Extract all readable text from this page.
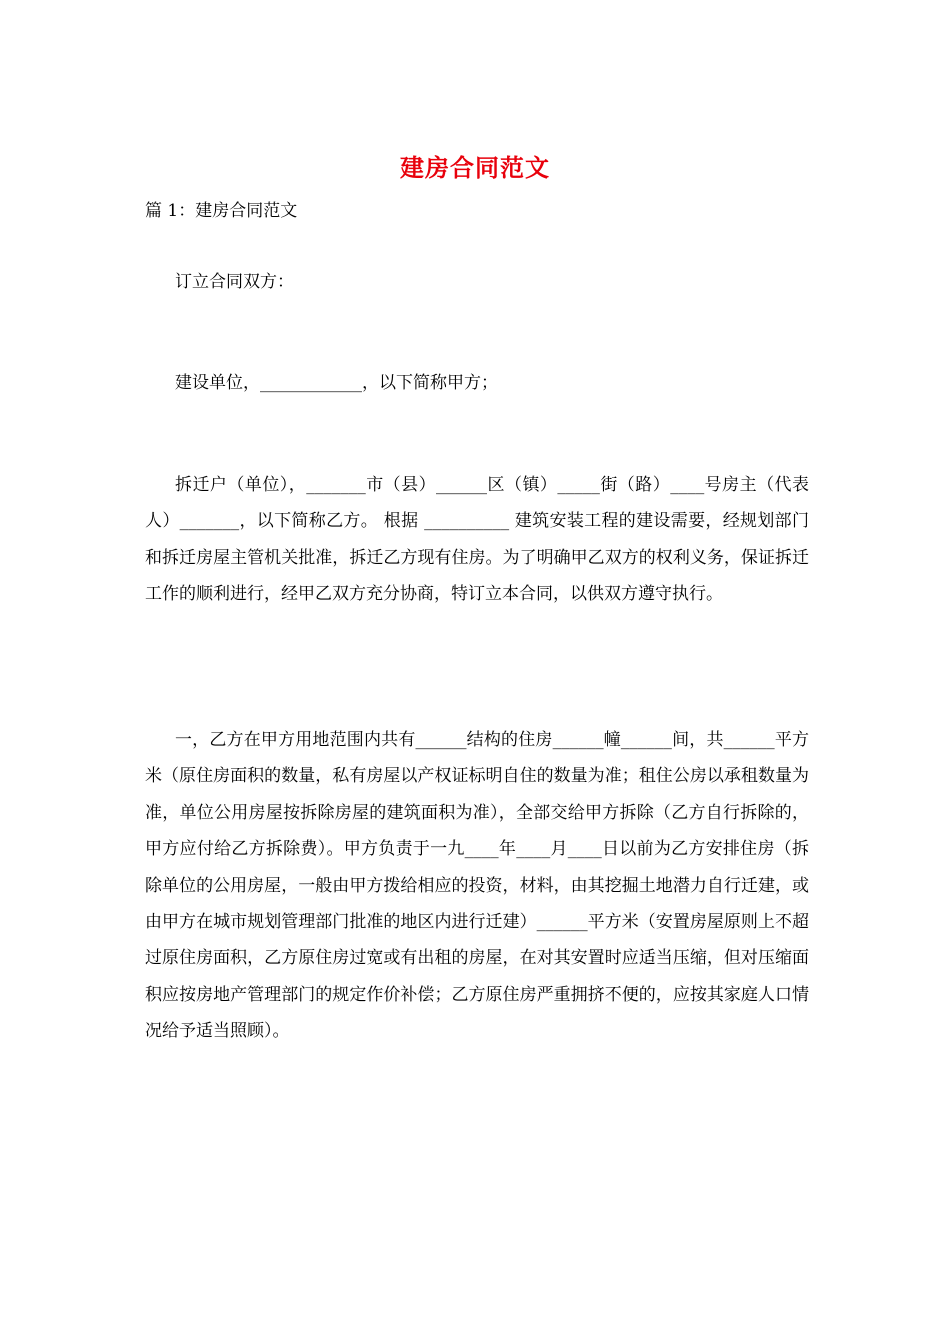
建房合同范文
篇 1：建房合同范文

订立合同双方：

建设单位，____________，以下简称甲方；

拆迁户（单位），_______市（县）______区（镇）_____街（路）____号房主（代表人）_______，以下简称乙方。 根据 __________ 建筑安装工程的建设需要，经规划部门和拆迁房屋主管机关批准，拆迁乙方现有住房。为了明确甲乙双方的权利义务，保证拆迁工作的顺利进行，经甲乙双方充分协商，特订立本合同，以供双方遵守执行。

一，乙方在甲方用地范围内共有______结构的住房______幢______间，共______平方米（原住房面积的数量，私有房屋以产权证标明自住的数量为准；租住公房以承租数量为准，单位公用房屋按拆除房屋的建筑面积为准），全部交给甲方拆除（乙方自行拆除的，甲方应付给乙方拆除费）。甲方负责于一九____年____月____日以前为乙方安排住房（拆除单位的公用房屋，一般由甲方拨给相应的投资，材料，由其挖掘土地潜力自行迁建，或由甲方在城市规划管理部门批准的地区内进行迁建）______平方米（安置房屋原则上不超过原住房面积，乙方原住房过宽或有出租的房屋，在对其安置时应适当压缩，但对压缩面积应按房地产管理部门的规定作价补偿；乙方原住房严重拥挤不便的，应按其家庭人口情况给予适当照顾）。
